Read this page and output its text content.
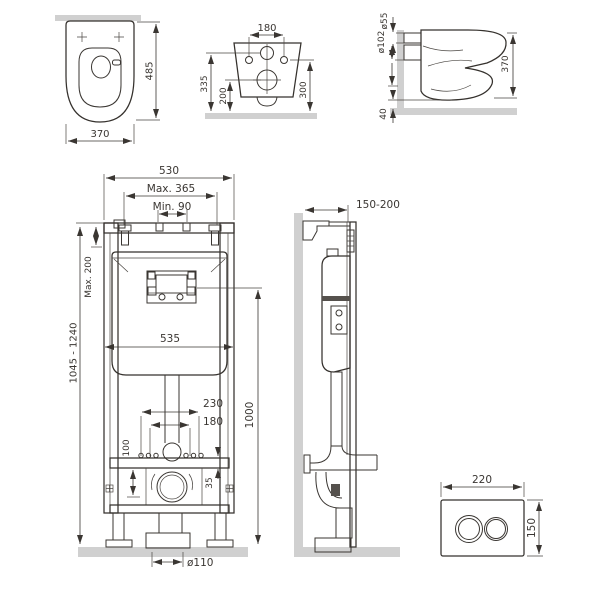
485
370
180
335
200	300
ø55
ø102
370
40
530
Max. 365
Min. 90
Max. 200
1045 - 1240	535
230
180
100
35
1000
ø110
150-200
220
150
